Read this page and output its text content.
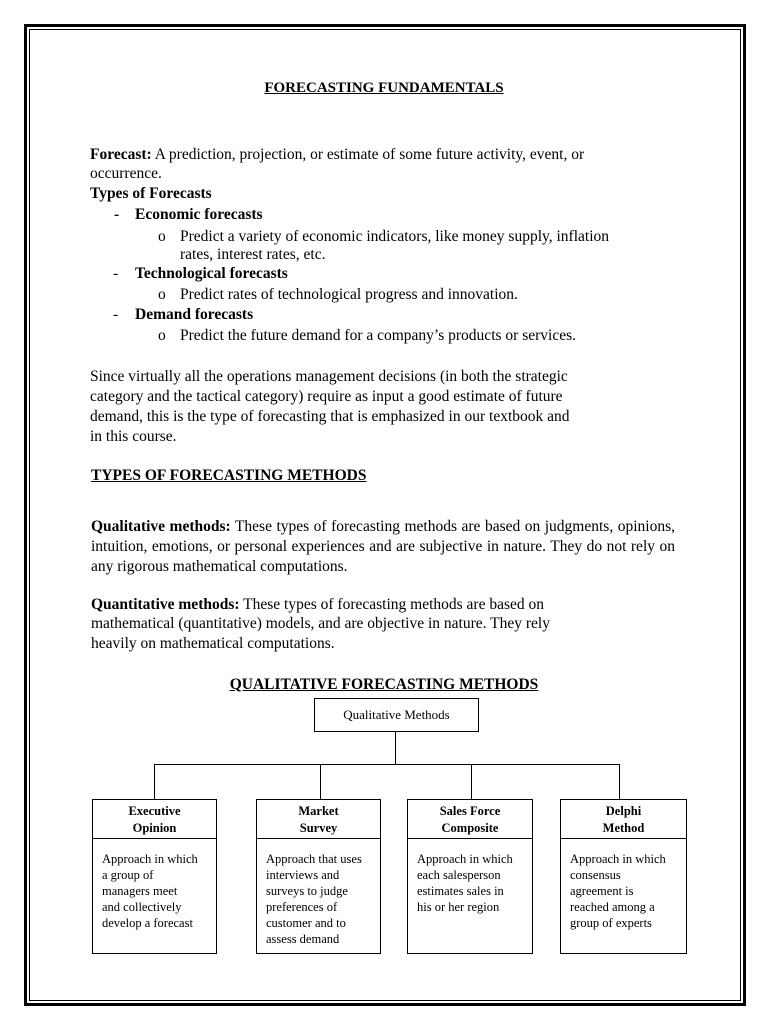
FORECASTING FUNDAMENTALS
Forecast: A prediction, projection, or estimate of some future activity, event, or
occurrence.
Types of Forecasts
- Economic forecasts
o Predict a variety of economic indicators, like money supply, inflation
rates, interest rates, etc.
- Technological forecasts
o Predict rates of technological progress and innovation.
- Demand forecasts
o Predict the future demand for a company’s products or services.
Since virtually all the operations management decisions (in both the strategic
category and the tactical category) require as input a good estimate of future
demand, this is the type of forecasting that is emphasized in our textbook and
in this course.
TYPES OF FORECASTING METHODS
Qualitative methods: These types of forecasting methods are based on judgments, opinions, intuition, emotions, or personal experiences and are subjective in nature. They do not rely on any rigorous mathematical computations.
Quantitative methods: These types of forecasting methods are based on
mathematical (quantitative) models, and are objective in nature. They rely
heavily on mathematical computations.
QUALITATIVE FORECASTING METHODS
Qualitative Methods
Executive
Opinion
Approach in which
a group of
managers meet
and collectively
develop a forecast
Market
Survey
Approach that uses
interviews and
surveys to judge
preferences of
customer and to
assess demand
Sales Force
Composite
Approach in which
each salesperson
estimates sales in
his or her region
Delphi
Method
Approach in which
consensus
agreement is
reached among a
group of experts
